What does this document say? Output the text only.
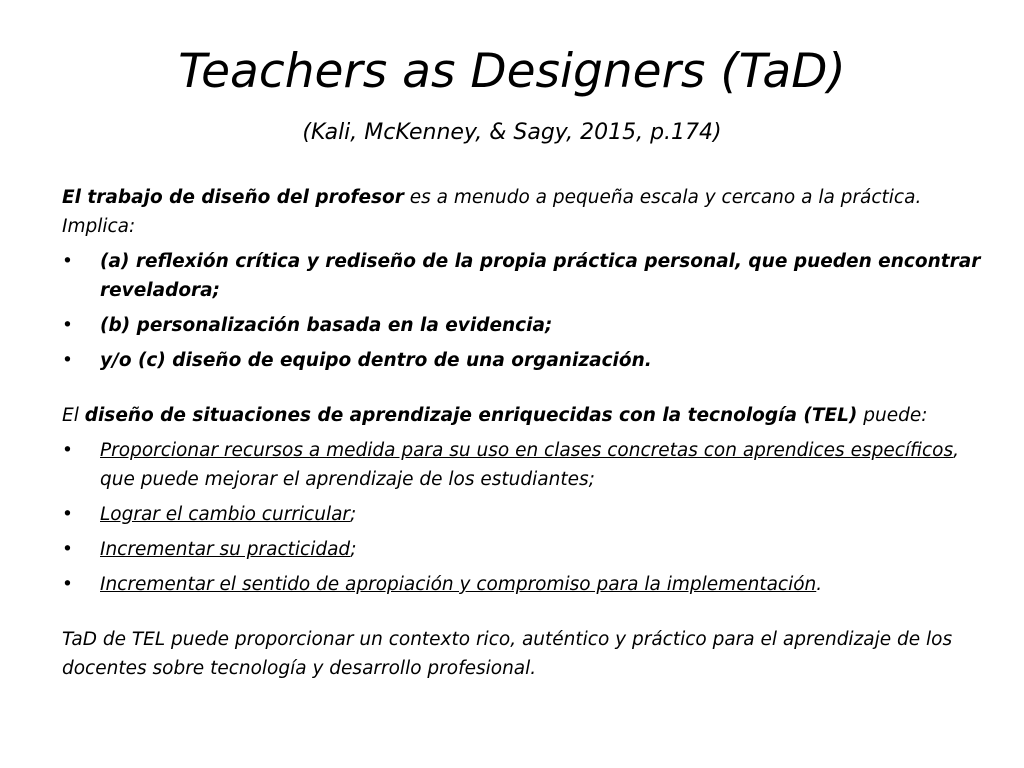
Teachers as Designers (TaD)
(Kali, McKenney, & Sagy, 2015, p.174)

El trabajo de diseño del profesor es a menudo a pequeña escala y cercano a la práctica. Implica:

• (a) reflexión crítica y rediseño de la propia práctica personal, que pueden encontrar reveladora;
• (b) personalización basada en la evidencia;
• y/o (c) diseño de equipo dentro de una organización.

El diseño de situaciones de aprendizaje enriquecidas con la tecnología (TEL) puede:

• Proporcionar recursos a medida para su uso en clases concretas con aprendices específicos, que puede mejorar el aprendizaje de los estudiantes;
• Lograr el cambio curricular;
• Incrementar su practicidad;
• Incrementar el sentido de apropiación y compromiso para la implementación.

TaD de TEL puede proporcionar un contexto rico, auténtico y práctico para el aprendizaje de los docentes sobre tecnología y desarrollo profesional.
